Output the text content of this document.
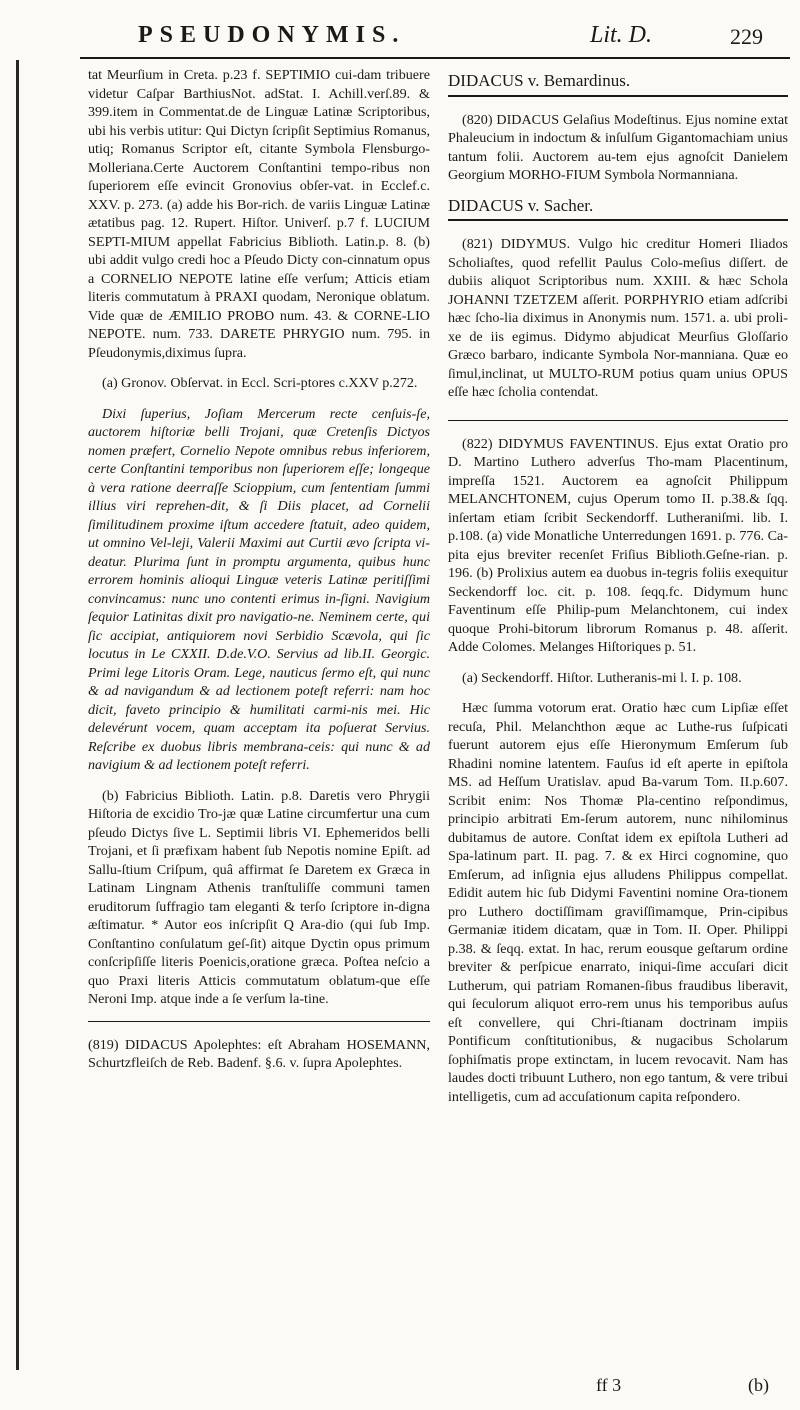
PSEUDONYMIS.	Lit. D.	229

tat Meurſium in Creta. p.23 f. SEPTIMIO cui-dam tribuere videtur Caſpar BarthiusNot. adStat. I. Achill.verſ.89. & 399.item in Commentat.de de Linguæ Latinæ Scriptoribus, ubi his verbis utitur: Qui Dictyn ſcripſit Septimius Romanus, utiq; Romanus Scriptor eſt, citante Symbola Flensburgo-Molleriana.Certe Auctorem Conſtantini tempo-ribus non ſuperiorem eſſe evincit Gronovius obſer-vat. in Ecclef.c. XXV. p. 273. (a) adde his Bor-rich. de variis Linguæ Latinæ ætatibus pag. 12. Rupert. Hiſtor. Univerſ. p.7 f. LUCIUM SEPTI-MIUM appellat Fabricius Biblioth. Latin.p. 8. (b) ubi addit vulgo credi hoc a Pſeudo Dicty con-cinnatum opus a CORNELIO NEPOTE latine eſſe verſum; Atticis etiam literis commutatum à PRAXI quodam, Neronique oblatum. Vide quæ de ÆMILIO PROBO num. 43. & CORNE-LIO NEPOTE. num. 733. DARETE PHRYGIO num. 795. in Pſeudonymis,diximus ſupra.

(a) Gronov. Obſervat. in Eccl. Scri-ptores c.XXV p.272.

Dixi ſuperius, Joſiam Mercerum recte cenſuis-ſe, auctorem hiſtoriæ belli Trojani, quæ Cretenſis Dictyos nomen præfert, Cornelio Nepote omnibus rebus inferiorem, certe Conſtantini temporibus non ſuperiorem eſſe; longeque à vera ratione deerraſſe Scioppium, cum ſententiam ſummi illius viri reprehen-dit, & ſi Diis placet, ad Cornelii ſimilitudinem proxime iſtum accedere ſtatuit, adeo quidem, ut omnino Vel-leji, Valerii Maximi aut Curtii ævo ſcripta vi-deatur. Plurima ſunt in promptu argumenta, quibus hunc errorem hominis alioqui Linguæ veteris Latinæ peritiſſimi convincamus: nunc uno contenti erimus in-ſigni. Navigium ſequior Latinitas dixit pro navigatio-ne. Neminem certe, qui ſic accipiat, antiquiorem novi Serbidio Scævola, qui ſic locutus in Le CXXII. D.de.V.O. Servius ad lib.II. Georgic. Primi lege Litoris Oram. Lege, nauticus ſermo eſt, qui nunc & ad navigandum & ad lectionem poteſt referri: nam hoc dicit, faveto principio & humilitati carmi-nis mei. Hic delevérunt vocem, quam acceptam ita poſuerat Servius. Reſcribe ex duobus libris membrana-ceis: qui nunc & ad navigium & ad lectionem poteſt referri.

(b) Fabricius Biblioth. Latin. p.8. Daretis vero Phrygii Hiſtoria de excidio Tro-jæ quæ Latine circumfertur una cum pſeudo Dictys ſive L. Septimii libris VI. Ephemeridos belli Trojani, et ſi præfixam habent ſub Nepotis nomine Epiſt. ad Sallu-ſtium Criſpum, quâ affirmat ſe Daretem ex Græca in Latinam Lingnam Athenis tranſtuliſſe communi tamen eruditorum ſuffragio tam eleganti & terſo ſcriptore in-digna æſtimatur. * Autor eos inſcripſit Q Ara-dio (qui ſub Imp. Conſtantino conſulatum geſ-ſit) aitque Dyctin opus primum conſcripſiſſe literis Poenicis,oratione græca. Poſtea neſcio a quo Praxi literis Atticis commutatum oblatum-que eſſe Neroni Imp. atque inde a ſe verſum la-tine.

(819) DIDACUS Apolephtes: eſt Abraham HOSEMANN, Schurtzfleiſch de Reb. Badenf. §.6. v. ſupra Apolephtes.

DIDACUS v. Bemardinus.

(820) DIDACUS Gelaſius Modeſtinus. Ejus nomine extat Phaleucium in indoctum & inſulſum Gigantomachiam unius tantum folii. Auctorem au-tem ejus agnoſcit Danielem Georgium MORHO-FIUM Symbola Normanniana.

DIDACUS v. Sacher.

(821) DIDYMUS. Vulgo hic creditur Homeri Iliados Scholiaſtes, quod refellit Paulus Colo-meſius diſſert. de dubiis aliquot Scriptoribus num. XXIII. & hæc Schola JOHANNI TZETZEM aſſerit. PORPHYRIO etiam adſcribi hæc ſcho-lia diximus in Anonymis num. 1571. a. ubi proli-xe de iis egimus. Didymo abjudicat Meurſius Gloſſario Græco barbaro, indicante Symbola Nor-manniana. Quæ eo ſimul,inclinat, ut MULTO-RUM potius quam unius OPUS eſſe hæc ſcholia contendat.

(822) DIDYMUS FAVENTINUS. Ejus extat Oratio pro D. Martino Luthero adverſus Tho-mam Placentinum, impreſſa 1521. Auctorem ea agnoſcit Philippum MELANCHTONEM, cujus Operum tomo II. p.38.& ſqq. inſertam etiam ſcribit Seckendorff. Lutheraniſmi. lib. I. p.108. (a) vide Monatliche Unterredungen 1691. p. 776. Ca-pita ejus breviter recenſet Friſius Biblioth.Geſne-rian. p. 196. (b) Prolixius autem ea duobus in-tegris foliis exequitur Seckendorff loc. cit. p. 108. ſeqq.fc. Didymum hunc Faventinum eſſe Philip-pum Melanchtonem, cui index quoque Prohi-bitorum librorum Romanus p. 48. aſſerit. Adde Colomes. Melanges Hiſtoriques p. 51.

(a) Seckendorff. Hiſtor. Lutheranis-mi l. I. p. 108.

Hæc ſumma votorum erat. Oratio hæc cum Lipſiæ eſſet recuſa, Phil. Melanchthon æque ac Luthe-rus ſuſpicati fuerunt autorem ejus eſſe Hieronymum Emſerum ſub Rhadini nomine latentem. Fauſus id eſt aperte in epiſtola MS. ad Heſſum Uratislav. apud Ba-varum Tom. II.p.607. Scribit enim: Nos Thomæ Pla-centino reſpondimus, principio arbitrati Em-ſerum autorem, nunc nihilominus dubitamus de autore. Conſtat idem ex epiſtola Lutheri ad Spa-latinum part. II. pag. 7. & ex Hirci cognomine, quo Emſerum, ad inſignia ejus alludens Philippus compellat. Edidit autem hic ſub Didymi Faventini nomine Ora-tionem pro Luthero doctiſſimam graviſſimamque, Prin-cipibus Germaniæ itidem dicatam, quæ in Tom. II. Oper. Philippi p.38. & ſeqq. extat. In hac, rerum eousque geſtarum ordine breviter & perſpicue enarrato, iniqui-ſime accuſari dicit Lutherum, qui patriam Romanen-ſibus fraudibus liberavit, qui ſeculorum aliquot erro-rem unus his temporibus auſus eſt convellere, qui Chri-ſtianam doctrinam impiis Pontificum conſtitutionibus, & nugacibus Scholarum ſophiſmatis prope extinctam, in lucem revocavit. Nam has laudes docti tribuunt Luthero, non ego tantum, & vere tribui intelligetis, cum ad accuſationum capita reſpondero.

ff 3	(b)
